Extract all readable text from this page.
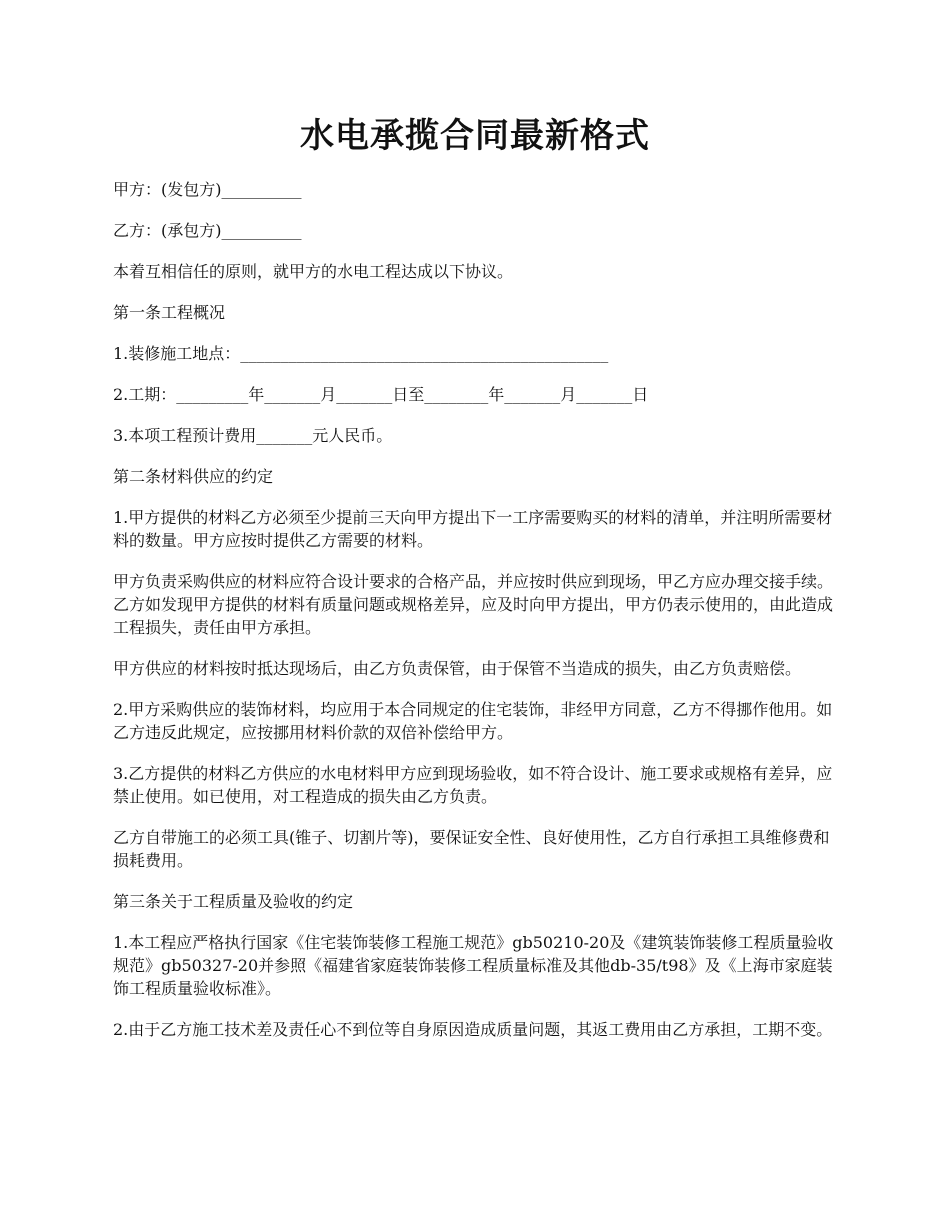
水电承揽合同最新格式

甲方：(发包方)__________

乙方：(承包方)__________

本着互相信任的原则，就甲方的水电工程达成以下协议。

第一条工程概况

1.装修施工地点：______________________________________________

2.工期：_________年_______月_______日至________年_______月_______日

3.本项工程预计费用_______元人民币。

第二条材料供应的约定

1.甲方提供的材料乙方必须至少提前三天向甲方提出下一工序需要购买的材料的清单，并注明所需要材料的数量。甲方应按时提供乙方需要的材料。

甲方负责采购供应的材料应符合设计要求的合格产品，并应按时供应到现场，甲乙方应办理交接手续。乙方如发现甲方提供的材料有质量问题或规格差异，应及时向甲方提出，甲方仍表示使用的，由此造成工程损失，责任由甲方承担。

甲方供应的材料按时抵达现场后，由乙方负责保管，由于保管不当造成的损失，由乙方负责赔偿。

2.甲方采购供应的装饰材料，均应用于本合同规定的住宅装饰，非经甲方同意，乙方不得挪作他用。如乙方违反此规定，应按挪用材料价款的双倍补偿给甲方。

3.乙方提供的材料乙方供应的水电材料甲方应到现场验收，如不符合设计、施工要求或规格有差异，应禁止使用。如已使用，对工程造成的损失由乙方负责。

乙方自带施工的必须工具(锥子、切割片等)，要保证安全性、良好使用性，乙方自行承担工具维修费和损耗费用。

第三条关于工程质量及验收的约定

1.本工程应严格执行国家《住宅装饰装修工程施工规范》gb50210-20及《建筑装饰装修工程质量验收规范》gb50327-20并参照《福建省家庭装饰装修工程质量标准及其他db-35/t98》及《上海市家庭装饰工程质量验收标准》。

2.由于乙方施工技术差及责任心不到位等自身原因造成质量问题，其返工费用由乙方承担，工期不变。
